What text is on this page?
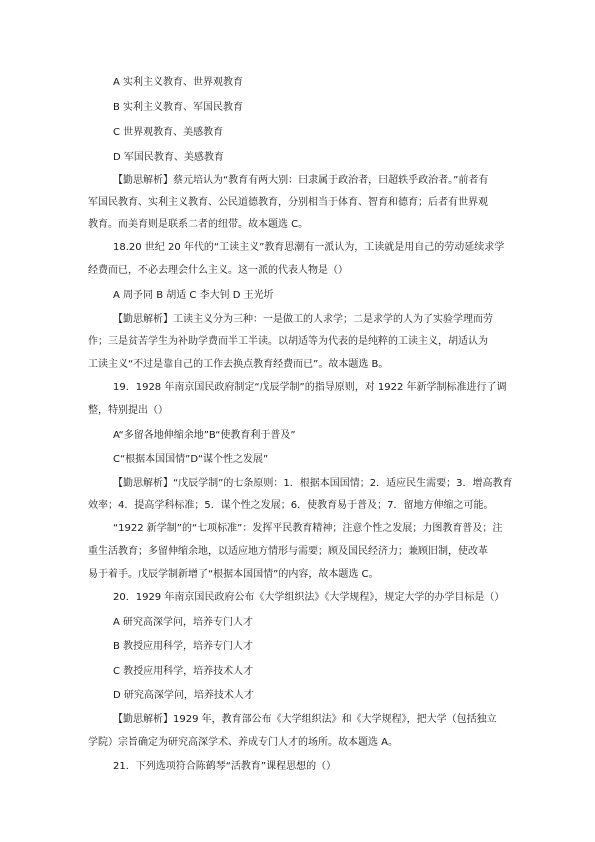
A 实利主义教育、世界观教育
B 实利主义教育、军国民教育
C 世界观教育、美感教育
D 军国民教育、美感教育
【勤思解析】蔡元培认为“教育有两大别：曰隶属于政治者，曰超轶乎政治者。”前者有
军国民教育、实利主义教育、公民道德教育，分别相当于体育、智育和德育；后者有世界观
教育。而美育则是联系二者的纽带。故本题选 C。
18.20 世纪 20 年代的“工读主义”教育思潮有一派认为，工读就是用自己的劳动延续求学
经费而已，不必去理会什么主义。这一派的代表人物是（）
A 周予同 B 胡适 C 李大钊 D 王光圻
【勤思解析】工读主义分为三种：一是做工的人求学；二是求学的人为了实验学理而劳
作；三是贫苦学生为补助学费而半工半读。以胡适等为代表的是纯粹的工读主义，胡适认为
工读主义“不过是靠自己的工作去换点教育经费而已”。故本题选 B。
19．1928 年南京国民政府制定“戊辰学制”的指导原则，对 1922 年新学制标准进行了调
整，特别提出（）
A“多留各地伸缩余地”B“使教育利于普及”
C“根据本国国情”D“谋个性之发展”
【勤思解析】“戊辰学制”的七条原则：1．根据本国国情；2．适应民生需要；3．增高教育
效率；4．提高学科标准；5．谋个性之发展；6．使教育易于普及；7．留地方伸缩之可能。
“1922 新学制”的“七项标准”：发挥平民教育精神；注意个性之发展；力图教育普及；注
重生活教育；多留伸缩余地，以适应地方情形与需要；顾及国民经济力；兼顾旧制，使改革
易于着手。戊辰学制新增了“根据本国国情”的内容，故本题选 C。
20．1929 年南京国民政府公布《大学组织法》《大学规程》，规定大学的办学目标是（）
A 研究高深学问，培养专门人才
B 教授应用科学，培养专门人才
C 教授应用科学，培养技术人才
D 研究高深学问，培养技术人才
【勤思解析】1929 年，教育部公布《大学组织法》和《大学规程》，把大学（包括独立
学院）宗旨确定为研究高深学术、养成专门人才的场所。故本题选 A。
21．下列选项符合陈鹤琴“活教育”课程思想的（）
